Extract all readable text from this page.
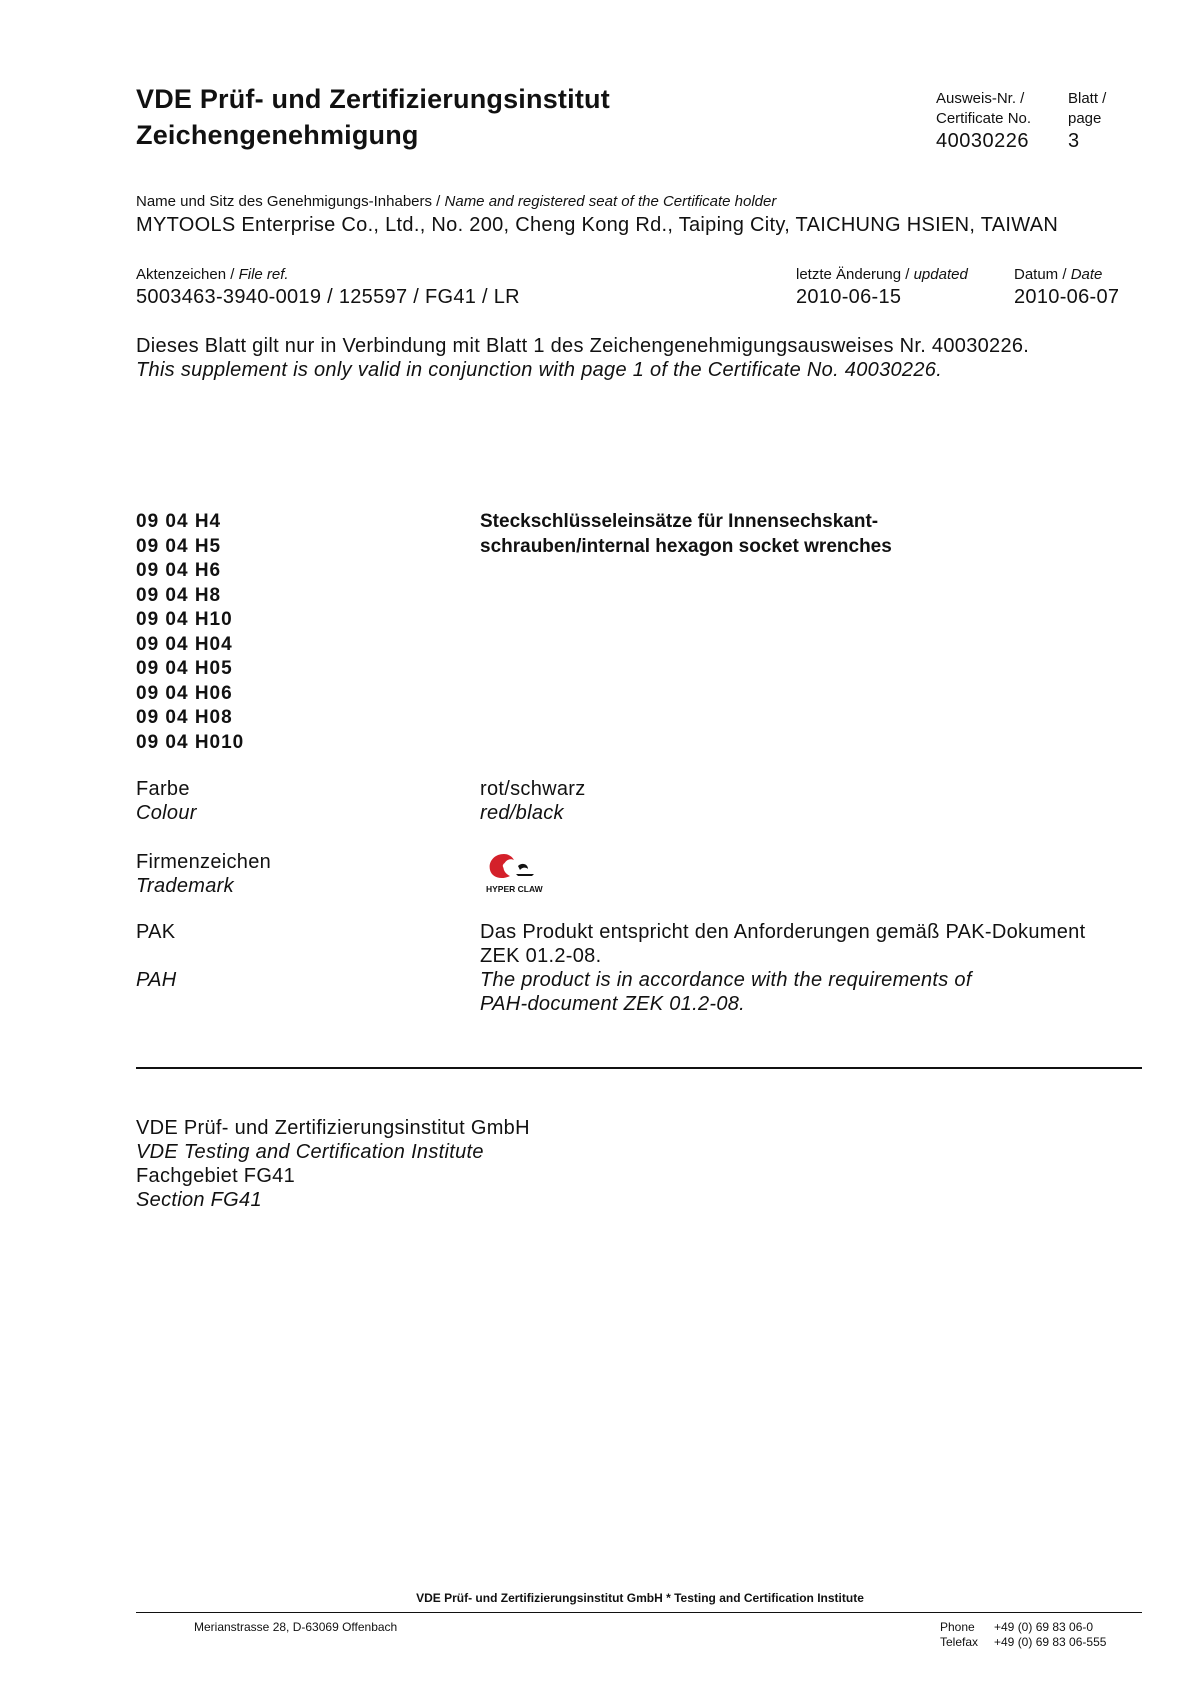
VDE Prüf- und Zertifizierungsinstitut
Zeichengenehmigung
Ausweis-Nr. /
Certificate No.
40030226
Blatt /
page
3
Name und Sitz des Genehmigungs-Inhabers / Name and registered seat of the Certificate holder
MYTOOLS Enterprise Co., Ltd., No. 200, Cheng Kong Rd., Taiping City, TAICHUNG HSIEN, TAIWAN
Aktenzeichen / File ref.
5003463-3940-0019 / 125597 / FG41 / LR
letzte Änderung / updated
2010-06-15
Datum / Date
2010-06-07
Dieses Blatt gilt nur in Verbindung mit Blatt 1 des Zeichengenehmigungsausweises Nr. 40030226.
This supplement is only valid in conjunction with page 1 of the Certificate No. 40030226.
09 04 H4
09 04 H5
09 04 H6
09 04 H8
09 04 H10
09 04 H04
09 04 H05
09 04 H06
09 04 H08
09 04 H010
Steckschlüsseleinsätze für Innensechskant-
schrauben/internal hexagon socket wrenches
Farbe
Colour
rot/schwarz
red/black
Firmenzeichen
Trademark	HYPER CLAW
PAK
PAH
Das Produkt entspricht den Anforderungen gemäß PAK-Dokument
ZEK 01.2-08.
The product is in accordance with the requirements of
PAH-document ZEK 01.2-08.
VDE Prüf- und Zertifizierungsinstitut GmbH
VDE Testing and Certification Institute
Fachgebiet FG41
Section FG41
VDE Prüf- und Zertifizierungsinstitut GmbH * Testing and Certification Institute
Merianstrasse 28, D-63069 Offenbach	Phone +49 (0) 69 83 06-0
Telefax +49 (0) 69 83 06-555
